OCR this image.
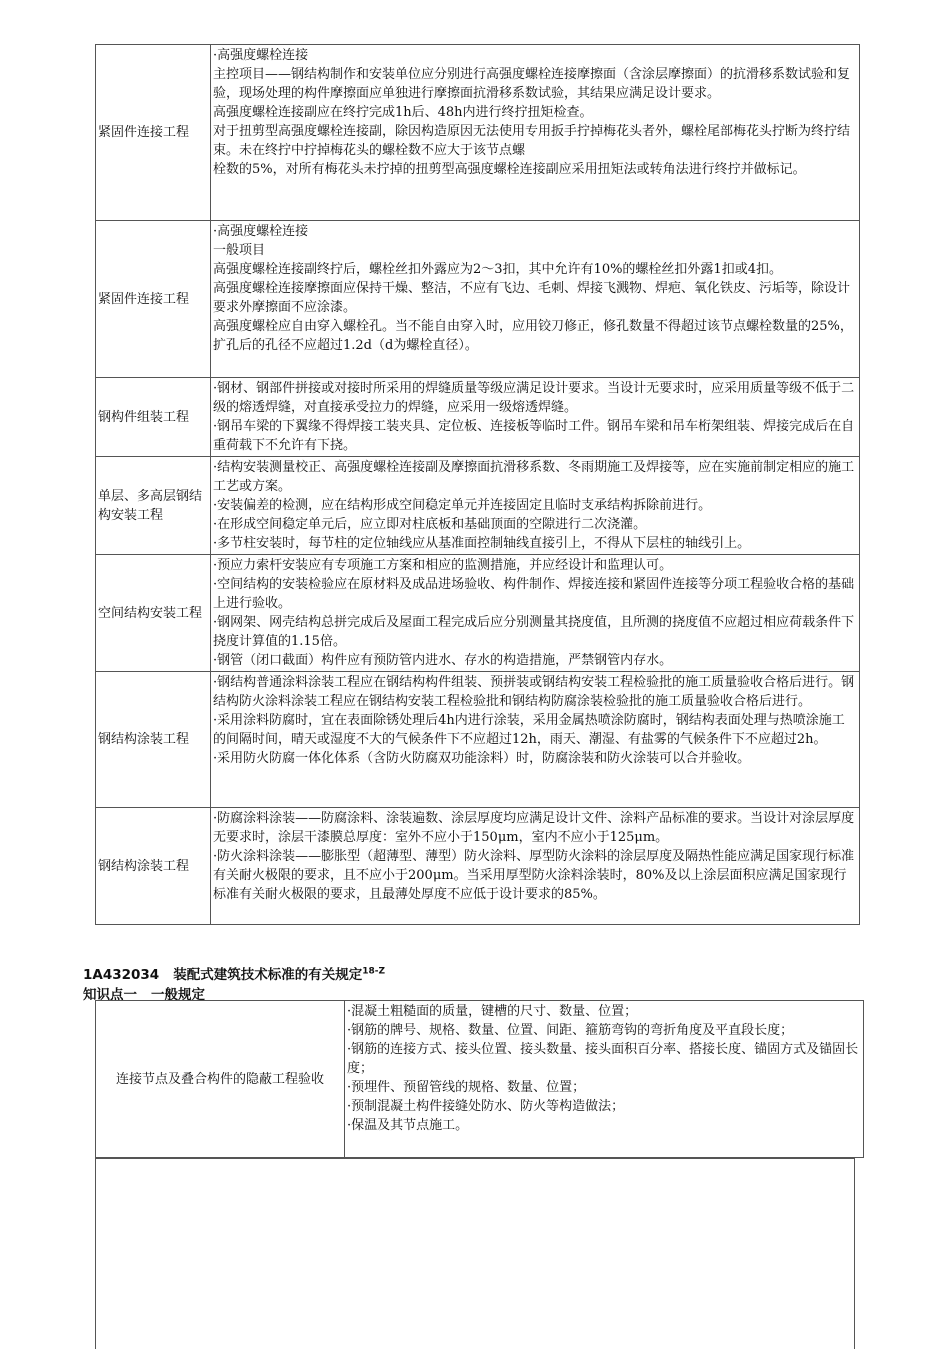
紧固件连接工程	·高强度螺栓连接
主控项目——钢结构制作和安装单位应分别进行高强度螺栓连接摩擦面（含涂层摩擦面）的抗滑移系数试验和复验，现场处理的构件摩擦面应单独进行摩擦面抗滑移系数试验，其结果应满足设计要求。
高强度螺栓连接副应在终拧完成1h后、48h内进行终拧扭矩检查。
对于扭剪型高强度螺栓连接副，除因构造原因无法使用专用扳手拧掉梅花头者外，螺栓尾部梅花头拧断为终拧结束。未在终拧中拧掉梅花头的螺栓数不应大于该节点螺
栓数的5%，对所有梅花头未拧掉的扭剪型高强度螺栓连接副应采用扭矩法或转角法进行终拧并做标记。

紧固件连接工程	·高强度螺栓连接
一般项目
高强度螺栓连接副终拧后，螺栓丝扣外露应为2～3扣，其中允许有10%的螺栓丝扣外露1扣或4扣。
高强度螺栓连接摩擦面应保持干燥、整洁，不应有飞边、毛刺、焊接飞溅物、焊疤、氧化铁皮、污垢等，除设计要求外摩擦面不应涂漆。
高强度螺栓应自由穿入螺栓孔。当不能自由穿入时，应用铰刀修正，修孔数量不得超过该节点螺栓数量的25%，扩孔后的孔径不应超过1.2d（d为螺栓直径）。

钢构件组装工程	·钢材、钢部件拼接或对接时所采用的焊缝质量等级应满足设计要求。当设计无要求时，应采用质量等级不低于二级的熔透焊缝，对直接承受拉力的焊缝，应采用一级熔透焊缝。
·钢吊车梁的下翼缘不得焊接工装夹具、定位板、连接板等临时工件。钢吊车梁和吊车桁架组装、焊接完成后在自重荷载下不允许有下挠。

单层、多高层钢结构安装工程	·结构安装测量校正、高强度螺栓连接副及摩擦面抗滑移系数、冬雨期施工及焊接等，应在实施前制定相应的施工工艺或方案。
·安装偏差的检测，应在结构形成空间稳定单元并连接固定且临时支承结构拆除前进行。
·在形成空间稳定单元后，应立即对柱底板和基础顶面的空隙进行二次浇灌。
·多节柱安装时，每节柱的定位轴线应从基准面控制轴线直接引上，不得从下层柱的轴线引上。

空间结构安装工程	·预应力索杆安装应有专项施工方案和相应的监测措施，并应经设计和监理认可。
·空间结构的安装检验应在原材料及成品进场验收、构件制作、焊接连接和紧固件连接等分项工程验收合格的基础上进行验收。
·钢网架、网壳结构总拼完成后及屋面工程完成后应分别测量其挠度值，且所测的挠度值不应超过相应荷载条件下挠度计算值的1.15倍。
·钢管（闭口截面）构件应有预防管内进水、存水的构造措施，严禁钢管内存水。

钢结构涂装工程	·钢结构普通涂料涂装工程应在钢结构构件组装、预拼装或钢结构安装工程检验批的施工质量验收合格后进行。钢结构防火涂料涂装工程应在钢结构安装工程检验批和钢结构防腐涂装检验批的施工质量验收合格后进行。
·采用涂料防腐时，宜在表面除锈处理后4h内进行涂装，采用金属热喷涂防腐时，钢结构表面处理与热喷涂施工的间隔时间，晴天或湿度不大的气候条件下不应超过12h，雨天、潮湿、有盐雾的气候条件下不应超过2h。
·采用防火防腐一体化体系（含防火防腐双功能涂料）时，防腐涂装和防火涂装可以合并验收。

钢结构涂装工程	·防腐涂料涂装——防腐涂料、涂装遍数、涂层厚度均应满足设计文件、涂料产品标准的要求。当设计对涂层厚度无要求时，涂层干漆膜总厚度：室外不应小于150μm，室内不应小于125μm。
·防火涂料涂装——膨胀型（超薄型、薄型）防火涂料、厚型防火涂料的涂层厚度及隔热性能应满足国家现行标准有关耐火极限的要求，且不应小于200μm。当采用厚型防火涂料涂装时，80%及以上涂层面积应满足国家现行标准有关耐火极限的要求，且最薄处厚度不应低于设计要求的85%。
1A432034 装配式建筑技术标准的有关规定$^{18-Z}$
知识点一 一般规定
连接节点及叠合构件的隐蔽工程验收	
·混凝土粗糙面的质量，键槽的尺寸、数量、位置；
·钢筋的牌号、规格、数量、位置、间距、箍筋弯钩的弯折角度及平直段长度；
·钢筋的连接方式、接头位置、接头数量、接头面积百分率、搭接长度、锚固方式及锚固长度；
·预埋件、预留管线的规格、数量、位置；
·预制混凝土构件接缝处防水、防火等构造做法；
·保温及其节点施工。
